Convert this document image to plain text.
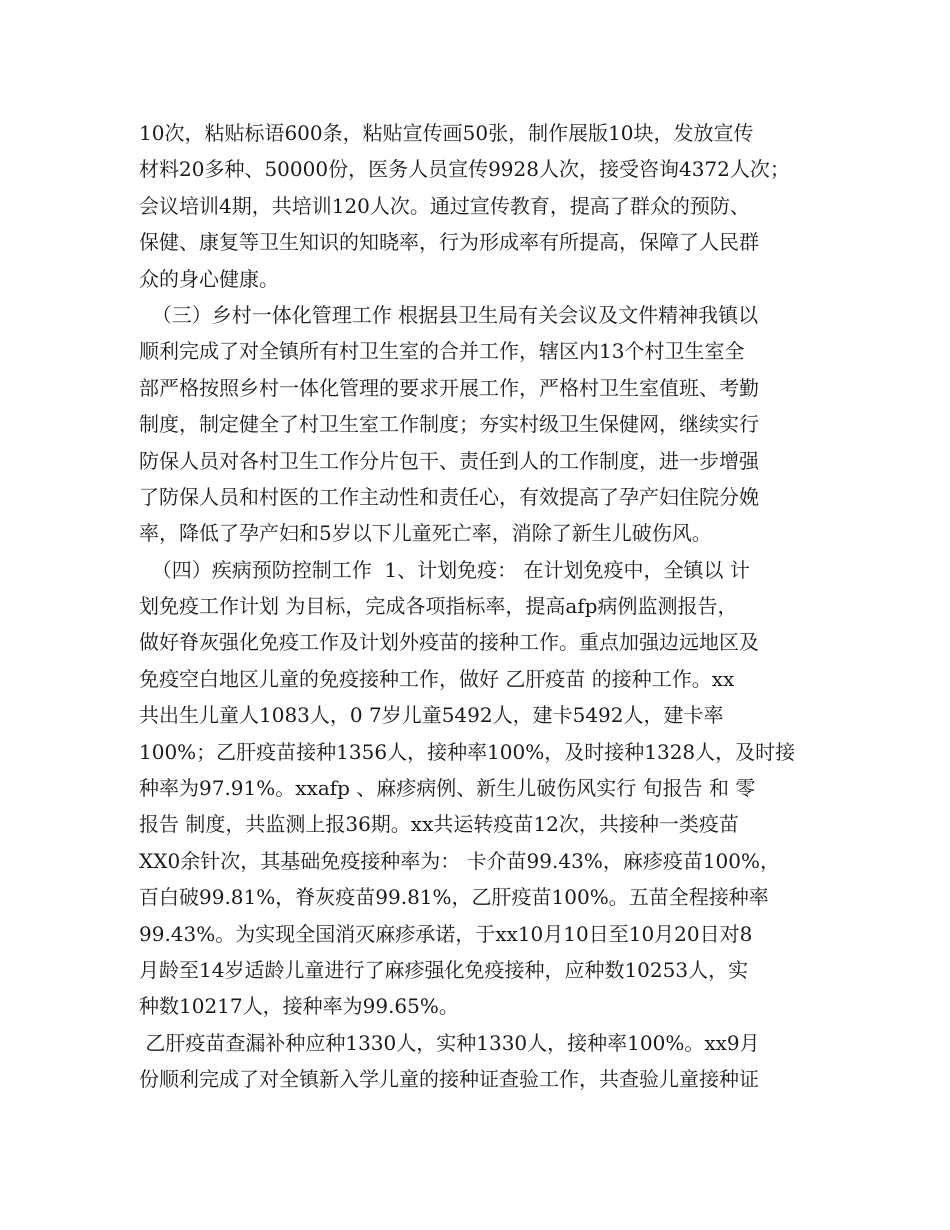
10次，粘贴标语600条，粘贴宣传画50张，制作展版10块，发放宣传
材料20多种、50000份，医务人员宣传9928人次，接受咨询4372人次；
会议培训4期，共培训120人次。通过宣传教育，提高了群众的预防、
保健、康复等卫生知识的知晓率，行为形成率有所提高，保障了人民群
众的身心健康。
（三）乡村一体化管理工作 根据县卫生局有关会议及文件精神我镇以
顺利完成了对全镇所有村卫生室的合并工作，辖区内13个村卫生室全
部严格按照乡村一体化管理的要求开展工作，严格村卫生室值班、考勤
制度，制定健全了村卫生室工作制度；夯实村级卫生保健网，继续实行
防保人员对各村卫生工作分片包干、责任到人的工作制度，进一步增强
了防保人员和村医的工作主动性和责任心，有效提高了孕产妇住院分娩
率，降低了孕产妇和5岁以下儿童死亡率，消除了新生儿破伤风。
（四）疾病预防控制工作  1、计划免疫： 在计划免疫中，全镇以 计
划免疫工作计划 为目标，完成各项指标率，提高afp病例监测报告，
做好脊灰强化免疫工作及计划外疫苗的接种工作。重点加强边远地区及
免疫空白地区儿童的免疫接种工作，做好 乙肝疫苗 的接种工作。xx
共出生儿童人1083人，0 7岁儿童5492人，建卡5492人，建卡率
100%；乙肝疫苗接种1356人，接种率100%，及时接种1328人，及时接
种率为97.91%。xxafp 、麻疹病例、新生儿破伤风实行 旬报告 和 零
报告 制度，共监测上报36期。xx共运转疫苗12次，共接种一类疫苗
XX0余针次，其基础免疫接种率为： 卡介苗99.43%，麻疹疫苗100%，
百白破99.81%，脊灰疫苗99.81%，乙肝疫苗100%。五苗全程接种率
99.43%。为实现全国消灭麻疹承诺，于xx10月10日至10月20日对8
月龄至14岁适龄儿童进行了麻疹强化免疫接种，应种数10253人，实
种数10217人，接种率为99.65%。
乙肝疫苗查漏补种应种1330人，实种1330人，接种率100%。xx9月
份顺利完成了对全镇新入学儿童的接种证查验工作，共查验儿童接种证
